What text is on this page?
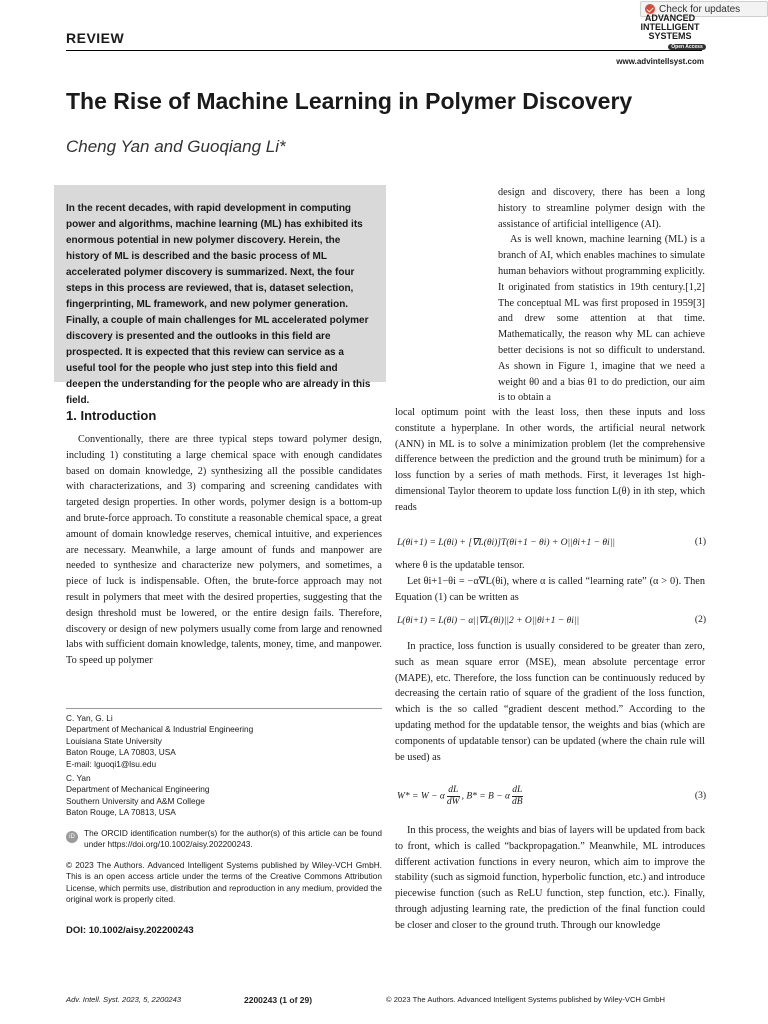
Check for updates
REVIEW
ADVANCED
INTELLIGENT
SYSTEMS
Open Access
www.advintellsyst.com
The Rise of Machine Learning in Polymer Discovery
Cheng Yan and Guoqiang Li*

In the recent decades, with rapid development in computing power and algorithms, machine learning (ML) has exhibited its enormous potential in new polymer discovery. Herein, the history of ML is described and the basic process of ML accelerated polymer discovery is summarized. Next, the four steps in this process are reviewed, that is, dataset selection, fingerprinting, ML framework, and new polymer generation. Finally, a couple of main challenges for ML accelerated polymer discovery is presented and the outlooks in this field are prospected. It is expected that this review can service as a useful tool for the people who just step into this field and deepen the understanding for the people who are already in this field.

1. Introduction

Conventionally, there are three typical steps toward polymer design, including 1) constituting a large chemical space with enough candidates based on domain knowledge, 2) synthesizing all the possible candidates with characterizations, and 3) comparing and screening candidates with targeted design properties. In other words, polymer design is a bottom-up and brute-force approach. To constitute a reasonable chemical space, a great amount of domain knowledge reserves, chemical intuitive, and experiences are necessary. Meanwhile, a large amount of funds and manpower are needed to synthesize and characterize new polymers, and sometimes, a piece of luck is indispensable. Often, the brute-force approach may not result in polymers that meet with the desired properties, suggesting that the design threshold must be lowered, or the entire design fails. Therefore, discovery or design of new polymers usually come from large and renowned labs with sufficient domain knowledge, talents, money, time, and manpower. To speed up polymer

C. Yan, G. Li
Department of Mechanical & Industrial Engineering
Louisiana State University
Baton Rouge, LA 70803, USA
E-mail: lguoqi1@lsu.edu
C. Yan
Department of Mechanical Engineering
Southern University and A&M College
Baton Rouge, LA 70813, USA
iD	The ORCID identification number(s) for the author(s) of this article can be found under https://doi.org/10.1002/aisy.202200243.
© 2023 The Authors. Advanced Intelligent Systems published by Wiley-VCH GmbH. This is an open access article under the terms of the Creative Commons Attribution License, which permits use, distribution and reproduction in any medium, provided the original work is properly cited.
DOI: 10.1002/aisy.202200243

design and discovery, there has been a long history to streamline polymer design with the assistance of artificial intelligence (AI).

As is well known, machine learning (ML) is a branch of AI, which enables machines to simulate human behaviors without programming explicitly. It originated from statistics in 19th century.[1,2] The conceptual ML was first proposed in 1959[3] and drew some attention at that time. Mathematically, the reason why ML can achieve better decisions is not so difficult to understand. As shown in Figure 1, imagine that we need a weight θ0 and a bias θ1 to do prediction, our aim is to obtain a

local optimum point with the least loss, then these inputs and loss constitute a hyperplane. In other words, the artificial neural network (ANN) in ML is to solve a minimization problem (let the comprehensive difference between the prediction and the ground truth be minimum) for a loss function by a series of math methods. First, it leverages 1st high-dimensional Taylor theorem to update loss function L(θ) in ith step, which reads
L(θi+1) = L(θi) + [∇L(θi)]T(θi+1 − θi) + O||θi+1 − θi||	(1)

where θ is the updatable tensor.

Let θi+1−θi = −α∇L(θi), where α is called “learning rate” (α > 0). Then Equation (1) can be written as

L(θi+1) = L(θi) − α||∇L(θi)||2 + O||θi+1 − θi||	(2)
In practice, loss function is usually considered to be greater than zero, such as mean square error (MSE), mean absolute percentage error (MAPE), etc. Therefore, the loss function can be continuously reduced by decreasing the certain ratio of square of the gradient of the loss function, which is the so called “gradient descent method.” According to the updating method for the updatable tensor, the weights and bias (which are components of updatable tensor) can be updated (where the chain rule will be used) as
W* = W − α $\frac{dL}{dW}$ , B* = B − α $\frac{dL}{dB}$	(3)
In this process, the weights and bias of layers will be updated from back to front, which is called “backpropagation.” Meanwhile, ML introduces different activation functions in every neuron, which aim to improve the stability (such as sigmoid function, hyperbolic function, etc.) and introduce piecewise function (such as ReLU function, step function, etc.). Finally, through adjusting learning rate, the prediction of the final function could be closer and closer to the ground truth. Through our knowledge
Adv. Intell. Syst. 2023, 5, 2200243	2200243 (1 of 29)	© 2023 The Authors. Advanced Intelligent Systems published by Wiley-VCH GmbH
